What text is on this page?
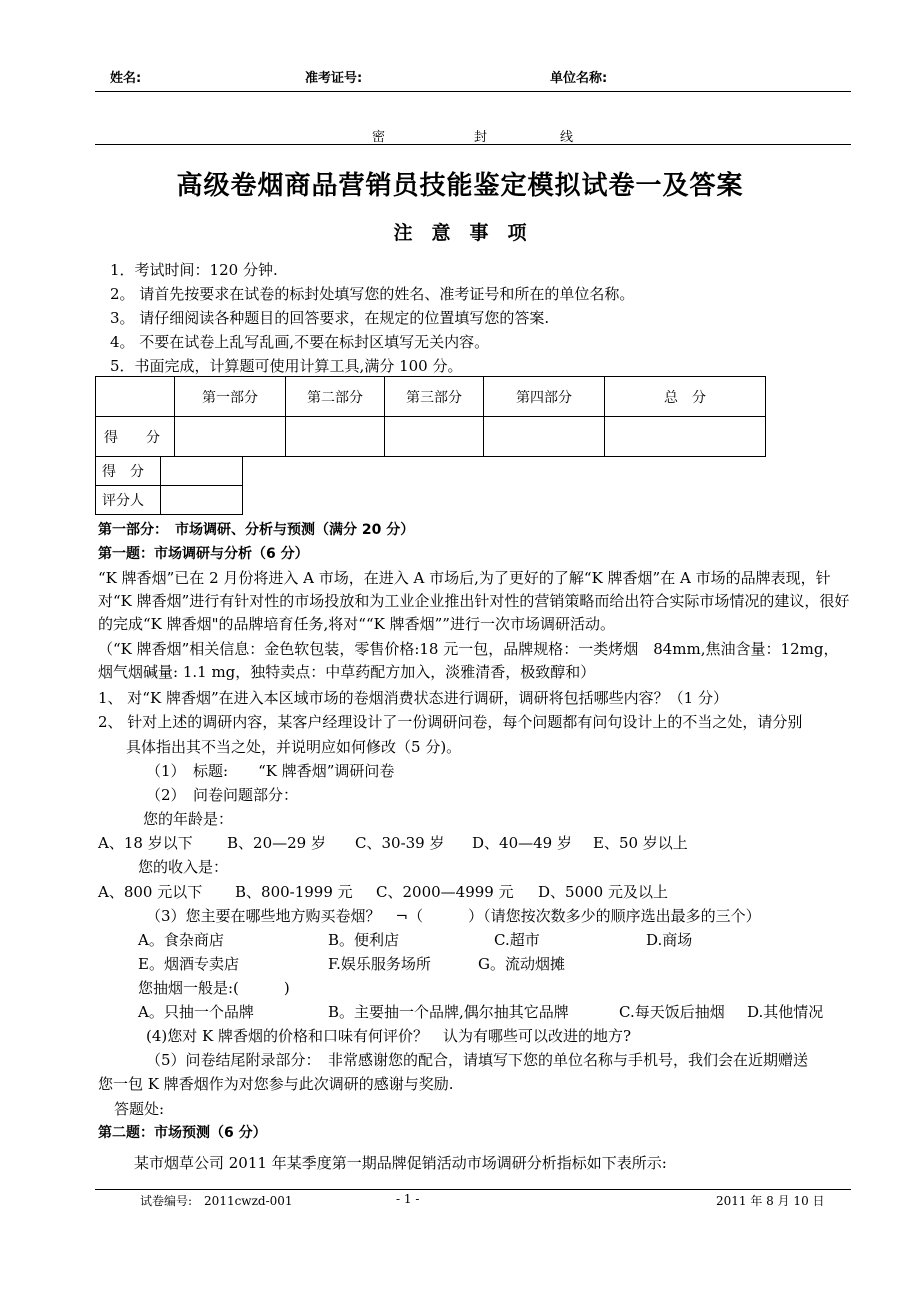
姓名:	准考证号:	单位名称:
密	封	线
高级卷烟商品营销员技能鉴定模拟试卷一及答案
注　意　事　项
1．考试时间：120 分钟.
2。 请首先按要求在试卷的标封处填写您的姓名、准考证号和所在的单位名称。
3。 请仔细阅读各种题目的回答要求，在规定的位置填写您的答案.
4。 不要在试卷上乱写乱画,不要在标封区填写无关内容。
5．书面完成，计算题可使用计算工具,满分 100 分。
	第一部分	第二部分	第三部分	第四部分	总　分
得　　分					
得　分	
评分人	
第一部分：　市场调研、分析与预测（满分 20 分）
第一题：市场调研与分析（6 分）
“K 牌香烟”已在 2 月份将进入 A 市场，在进入 A 市场后,为了更好的了解“K 牌香烟”在 A 市场的品牌表现，针对“K 牌香烟”进行有针对性的市场投放和为工业企业推出针对性的营销策略而给出符合实际市场情况的建议，很好的完成“K 牌香烟"的品牌培育任务,将对““K 牌香烟””进行一次市场调研活动。
（“K 牌香烟”相关信息：金色软包装，零售价格:18 元一包，品牌规格：一类烤烟　84mm,焦油含量：12mg，烟气烟碱量: 1.1 mg，独特卖点：中草药配方加入，淡雅清香，极致醇和）
1、 对“K 牌香烟”在进入本区域市场的卷烟消费状态进行调研，调研将包括哪些内容？（1 分）
2、 针对上述的调研内容，某客户经理设计了一份调研问卷，每个问题都有问句设计上的不当之处，请分别
具体指出其不当之处，并说明应如何修改（5 分)。
（1）　标题:　　“K 牌香烟”调研问卷
（2）　问卷问题部分：
您的年龄是：
A、18 岁以下 B、20—29 岁 C、30-39 岁 D、40—49 岁 E、50 岁以上
您的收入是：
A、800 元以下 B、800-1999 元 C、2000—4999 元 D、5000 元及以上
（3）您主要在哪些地方购买卷烟？　¬（　　　）（请您按次数多少的顺序选出最多的三个）
A。食杂商店	B。便利店	C.超市	D.商场
E。烟酒专卖店	F.娱乐服务场所	G。流动烟摊
您抽烟一般是:(　　　)
A。只抽一个品牌	B。主要抽一个品牌,偶尔抽其它品牌	C.每天饭后抽烟 D.其他情况
(4)您对 K 牌香烟的价格和口味有何评价？　认为有哪些可以改进的地方?
（5）问卷结尾附录部分：　非常感谢您的配合，请填写下您的单位名称与手机号，我们会在近期赠送
您一包 K 牌香烟作为对您参与此次调研的感谢与奖励.
答题处:
第二题：市场预测（6 分）
某市烟草公司 2011 年某季度第一期品牌促销活动市场调研分析指标如下表所示:
试卷编号:　2011cwzd-001	- 1 -	2011 年 8 月 10 日
